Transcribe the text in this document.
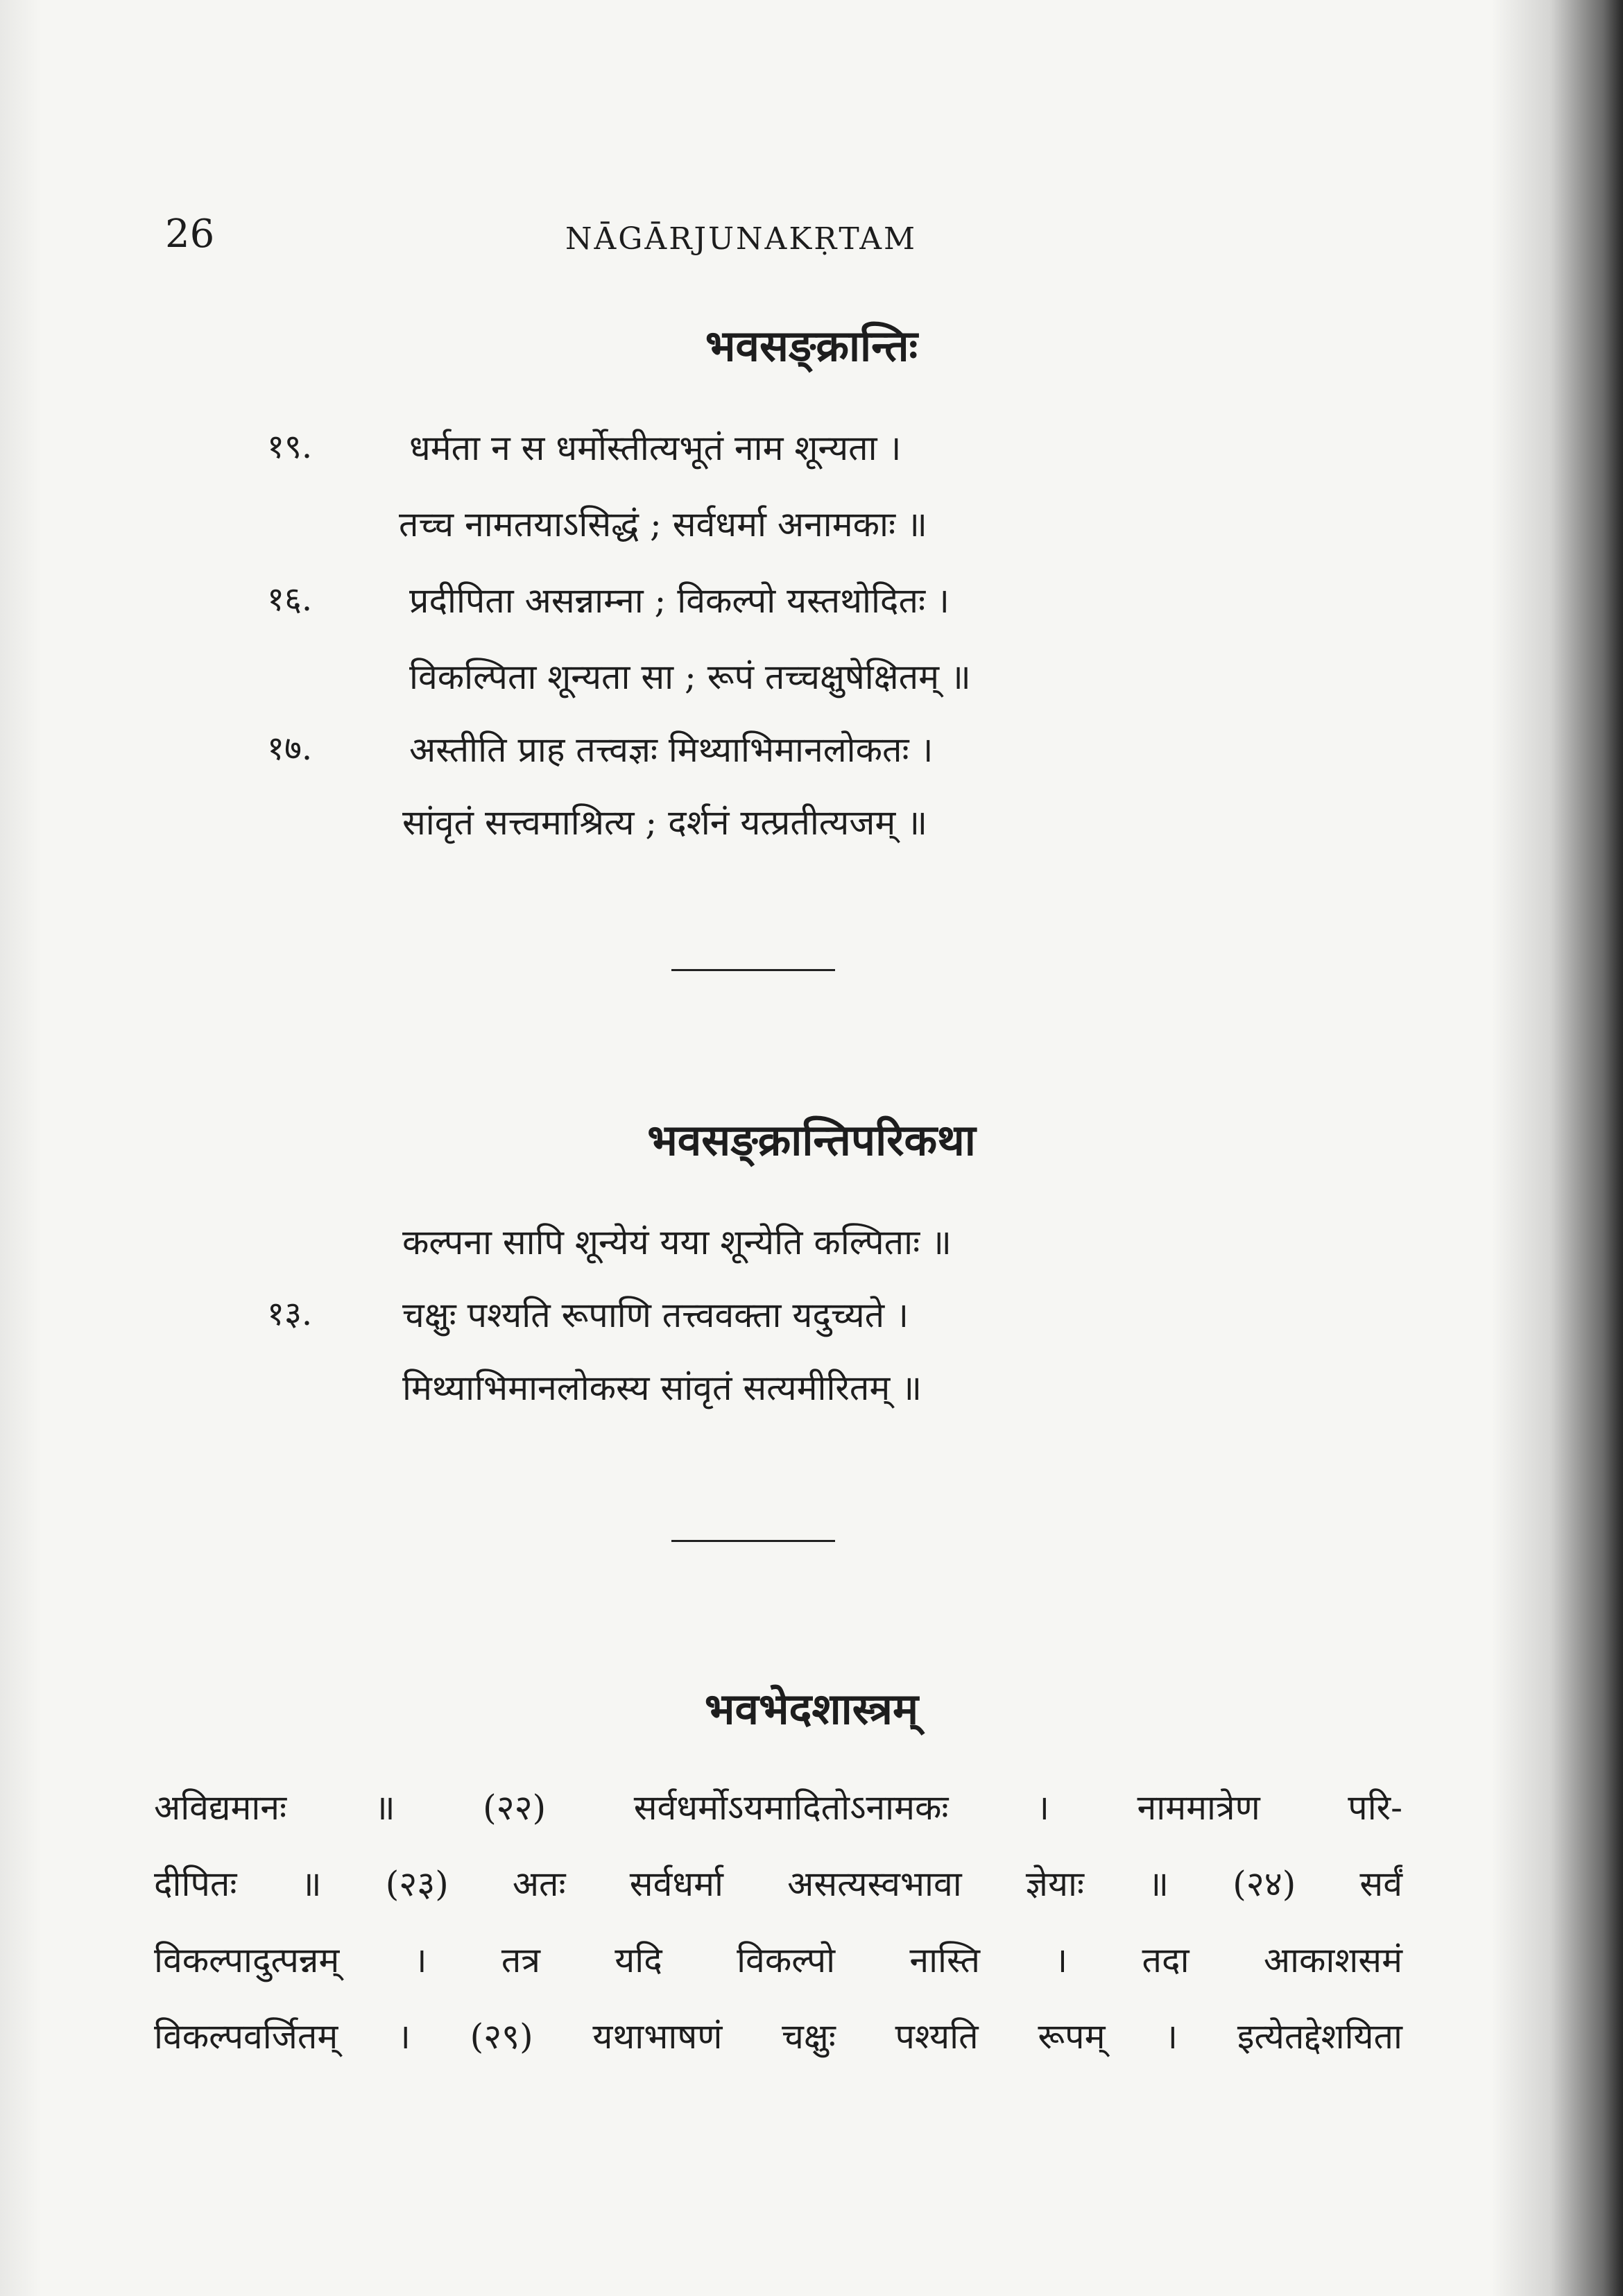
26	NĀGĀRJUNAKṚTAM
भवसङ्क्रान्तिः
१९.	धर्मता न स धर्मोस्तीत्यभूतं नाम शून्यता ।
तच्च नामतयाऽसिद्धं ; सर्वधर्मा अनामकाः ॥
१६.	प्रदीपिता असन्नाम्ना ; विकल्पो यस्तथोदितः ।
विकल्पिता शून्यता सा ; रूपं तच्चक्षुषेक्षितम् ॥
१७.	अस्तीति प्राह तत्त्वज्ञः मिथ्याभिमानलोकतः ।
सांवृतं सत्त्वमाश्रित्य ; दर्शनं यत्प्रतीत्यजम् ॥
भवसङ्क्रान्तिपरिकथा
कल्पना सापि शून्येयं यया शून्येति कल्पिताः ॥
१३.	चक्षुः पश्यति रूपाणि तत्त्ववक्ता यदुच्यते ।
मिथ्याभिमानलोकस्य सांवृतं सत्यमीरितम् ॥
भवभेदशास्त्रम्
अविद्यमानः ॥ (२२) सर्वधर्मोऽयमादितोऽनामकः । नाममात्रेण परि-
दीपितः ॥ (२३) अतः सर्वधर्मा असत्यस्वभावा ज्ञेयाः ॥ (२४) सर्वं
विकल्पादुत्पन्नम् । तत्र यदि विकल्पो नास्ति । तदा आकाशसमं
विकल्पवर्जितम् । (२९) यथाभाषणं चक्षुः पश्यति रूपम् । इत्येतद्देशयिता
